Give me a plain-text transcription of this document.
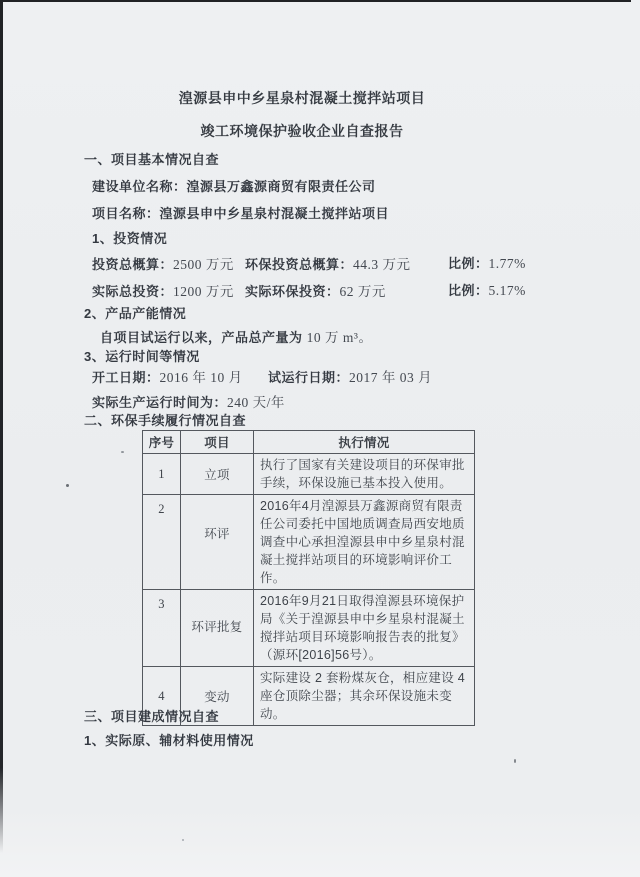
湟源县申中乡星泉村混凝土搅拌站项目
竣工环境保护验收企业自查报告
一、项目基本情况自查
建设单位名称：湟源县万鑫源商贸有限责任公司
项目名称：湟源县申中乡星泉村混凝土搅拌站项目
1、投资情况
投资总概算：2500 万元 环保投资总概算：44.3 万元	比例：1.77%
实际总投资：1200 万元 实际环保投资：62 万元	比例：5.17%
2、产品产能情况
自项目试运行以来，产品总产量为 10 万 m³。
3、运行时间等情况
开工日期：2016 年 10 月 试运行日期：2017 年 03 月
实际生产运行时间为：240 天/年
二、环保手续履行情况自查
序号	项目	执行情况
1	立项	执行了国家有关建设项目的环保审批手续，环保设施已基本投入使用。
2	环评	2016年4月湟源县万鑫源商贸有限责任公司委托中国地质调查局西安地质调查中心承担湟源县申中乡星泉村混凝土搅拌站项目的环境影响评价工作。
3	环评批复	2016年9月21日取得湟源县环境保护局《关于湟源县申中乡星泉村混凝土搅拌站项目环境影响报告表的批复》（源环[2016]56号）。
4	变动	实际建设 2 套粉煤灰仓，相应建设 4 座仓顶除尘器；其余环保设施未变动。
三、项目建成情况自查
1、实际原、辅材料使用情况
